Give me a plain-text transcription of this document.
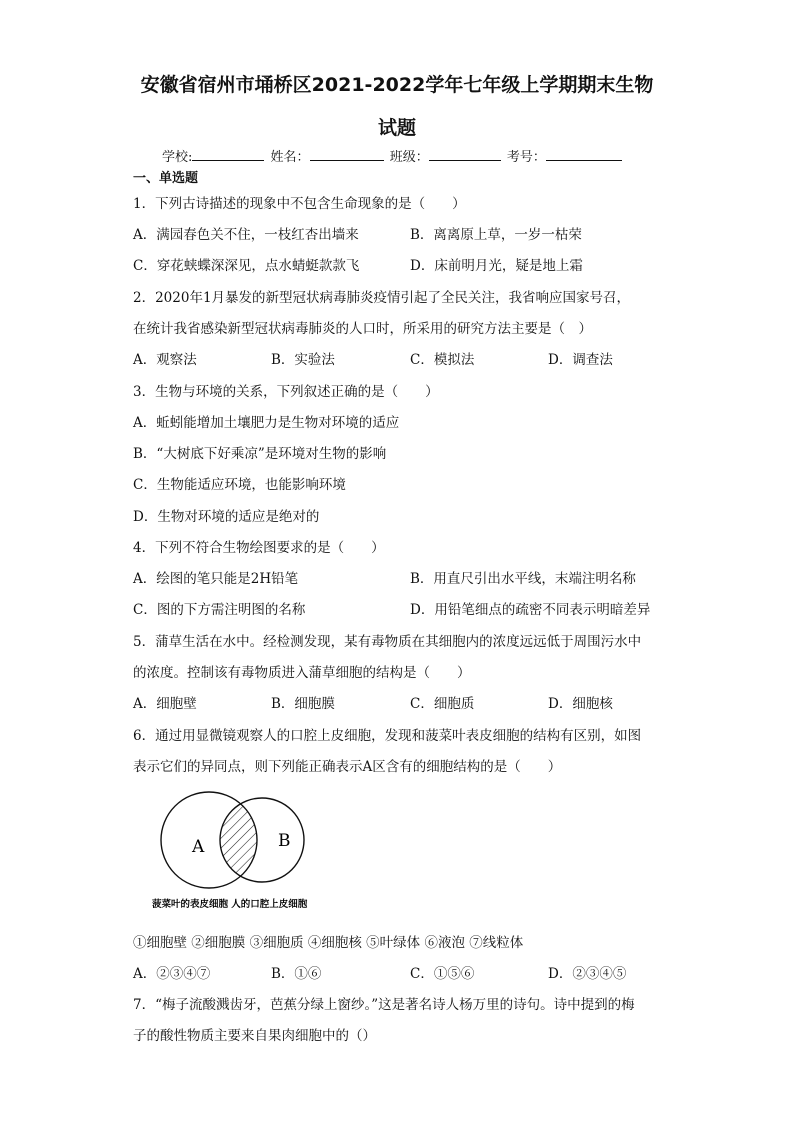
安徽省宿州市埇桥区2021-2022学年七年级上学期期末生物
试题
学校:	姓名：	班级：	考号：
一、单选题
1．下列古诗描述的现象中不包含生命现象的是（　　）
A．满园春色关不住，一枝红杏出墙来	B．离离原上草，一岁一枯荣
C．穿花蛱蝶深深见，点水蜻蜓款款飞	D．床前明月光，疑是地上霜
2．2020年1月暴发的新型冠状病毒肺炎疫情引起了全民关注，我省响应国家号召，
在统计我省感染新型冠状病毒肺炎的人口时，所采用的研究方法主要是（　）
A．观察法	B．实验法	C．模拟法	D．调查法
3．生物与环境的关系，下列叙述正确的是（　　）
A．蚯蚓能增加土壤肥力是生物对环境的适应
B．“大树底下好乘凉”是环境对生物的影响
C．生物能适应环境，也能影响环境
D．生物对环境的适应是绝对的
4．下列不符合生物绘图要求的是（　　）
A．绘图的笔只能是2H铅笔	B．用直尺引出水平线，末端注明名称
C．图的下方需注明图的名称	D．用铅笔细点的疏密不同表示明暗差异
5．蒲草生活在水中。经检测发现，某有毒物质在其细胞内的浓度远远低于周围污水中
的浓度。控制该有毒物质进入蒲草细胞的结构是（　　）
A．细胞壁	B．细胞膜	C．细胞质	D．细胞核
6．通过用显微镜观察人的口腔上皮细胞，发现和菠菜叶表皮细胞的结构有区别，如图
表示它们的异同点，则下列能正确表示A区含有的细胞结构的是（　　）
A	B
菠菜叶的表皮细胞 人的口腔上皮细胞
①细胞壁 ②细胞膜 ③细胞质 ④细胞核 ⑤叶绿体 ⑥液泡 ⑦线粒体
A．②③④⑦	B．①⑥	C．①⑤⑥	D．②③④⑤
7．“梅子流酸溅齿牙，芭蕉分绿上窗纱。”这是著名诗人杨万里的诗句。诗中提到的梅
子的酸性物质主要来自果肉细胞中的（）
